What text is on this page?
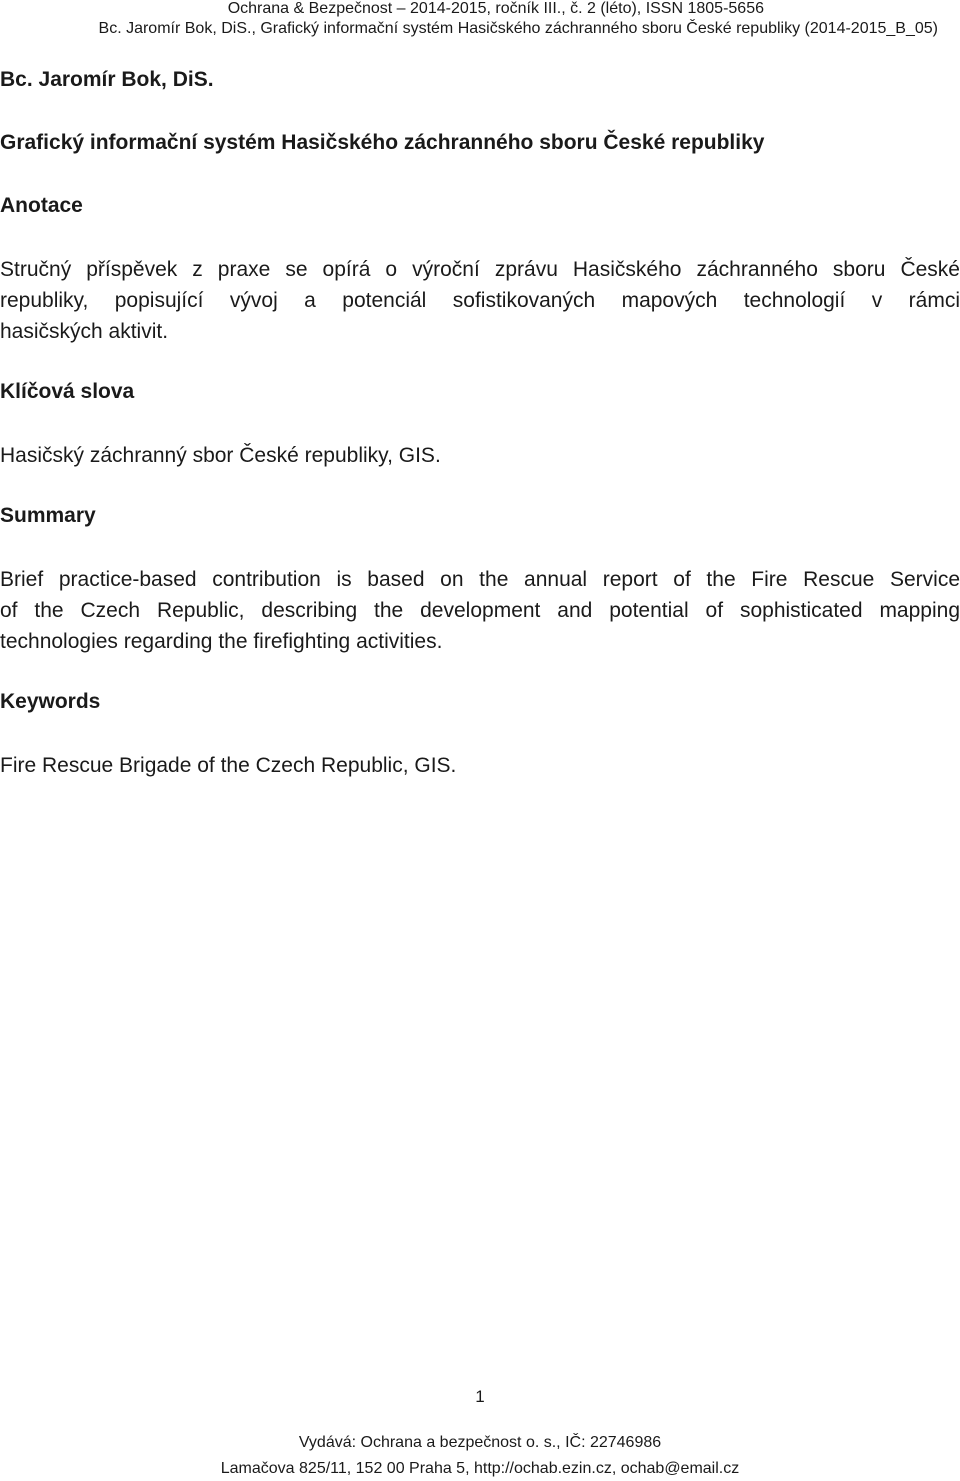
Ochrana & Bezpečnost – 2014-2015, ročník III., č. 2 (léto), ISSN 1805-5656
Bc. Jaromír Bok, DiS., Grafický informační systém Hasičského záchranného sboru České republiky (2014-2015_B_05)
Bc. Jaromír Bok, DiS.
Grafický informační systém Hasičského záchranného sboru České republiky
Anotace
Stručný příspěvek z praxe se opírá o výroční zprávu Hasičského záchranného sboru České
republiky, popisující vývoj a potenciál sofistikovaných mapových technologií v rámci
hasičských aktivit.
Klíčová slova
Hasičský záchranný sbor České republiky, GIS.
Summary
Brief practice-based contribution is based on the annual report of the Fire Rescue Service
of the Czech Republic, describing the development and potential of sophisticated mapping
technologies regarding the firefighting activities.
Keywords
Fire Rescue Brigade of the Czech Republic, GIS.
1
Vydává: Ochrana a bezpečnost o. s., IČ: 22746986
Lamačova 825/11, 152 00 Praha 5, http://ochab.ezin.cz, ochab@email.cz
